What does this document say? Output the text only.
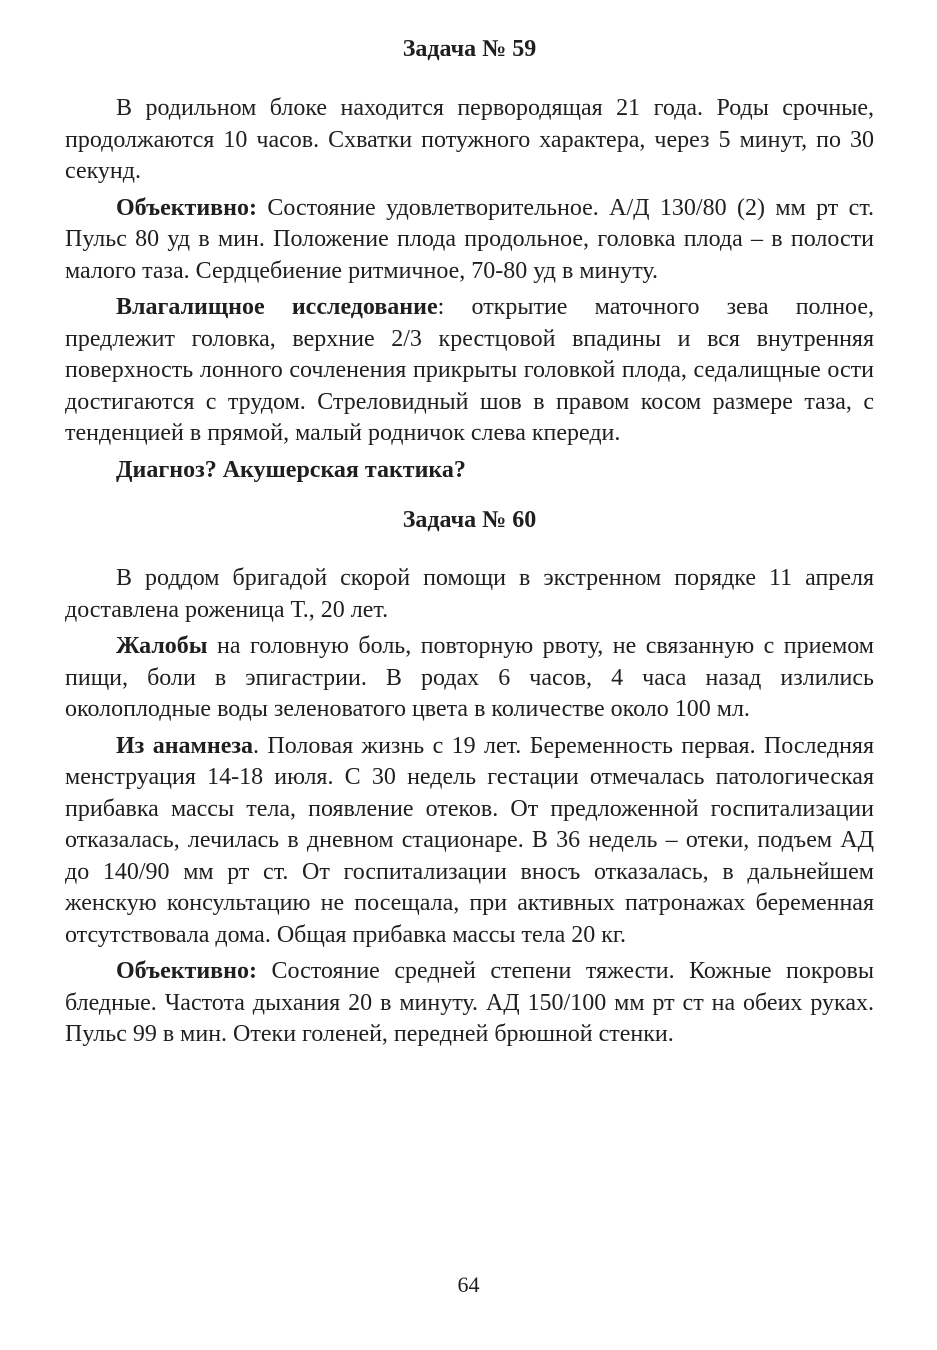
Задача № 59

В родильном блоке находится первородящая 21 года. Роды срочные, продолжаются 10 часов. Схватки потужного характера, через 5 минут, по 30 секунд.

Объективно: Состояние удовлетворительное. А/Д 130/80 (2) мм рт ст. Пульс 80 уд в мин. Положение плода продольное, головка плода – в полости малого таза. Сердцебиение ритмичное, 70-80 уд в минуту.

Влагалищное исследование: открытие маточного зева полное, предлежит головка, верхние 2/3 крестцовой впадины и вся внутренняя поверхность лонного сочленения прикрыты головкой плода, седалищные ости достигаются с трудом. Стреловидный шов в правом косом размере таза, с тенденцией в прямой, малый родничок слева кпереди.

Диагноз? Акушерская тактика?

Задача № 60

В роддом бригадой скорой помощи в экстренном порядке 11 апреля доставлена роженица Т., 20 лет.

Жалобы на головную боль, повторную рвоту, не связанную с приемом пищи, боли в эпигастрии. В родах 6 часов, 4 часа назад излились околоплодные воды зеленоватого цвета в количестве около 100 мл.

Из анамнеза. Половая жизнь с 19 лет. Беременность первая. Последняя менструация 14-18 июля. С 30 недель гестации отмечалась патологическая прибавка массы тела, появление отеков. От предложенной госпитализации отказалась, лечилась в дневном стационаре. В 36 недель – отеки, подъем АД до 140/90 мм рт ст. От госпитализации вносъ отказалась, в дальнейшем женскую консультацию не посещала, при активных патронажах беременная отсутствовала дома. Общая прибавка массы тела 20 кг.

Объективно: Состояние средней степени тяжести. Кожные покровы бледные. Частота дыхания 20 в минуту. АД 150/100 мм рт ст на обеих руках. Пульс 99 в мин. Отеки голеней, передней брюшной стенки.

64
